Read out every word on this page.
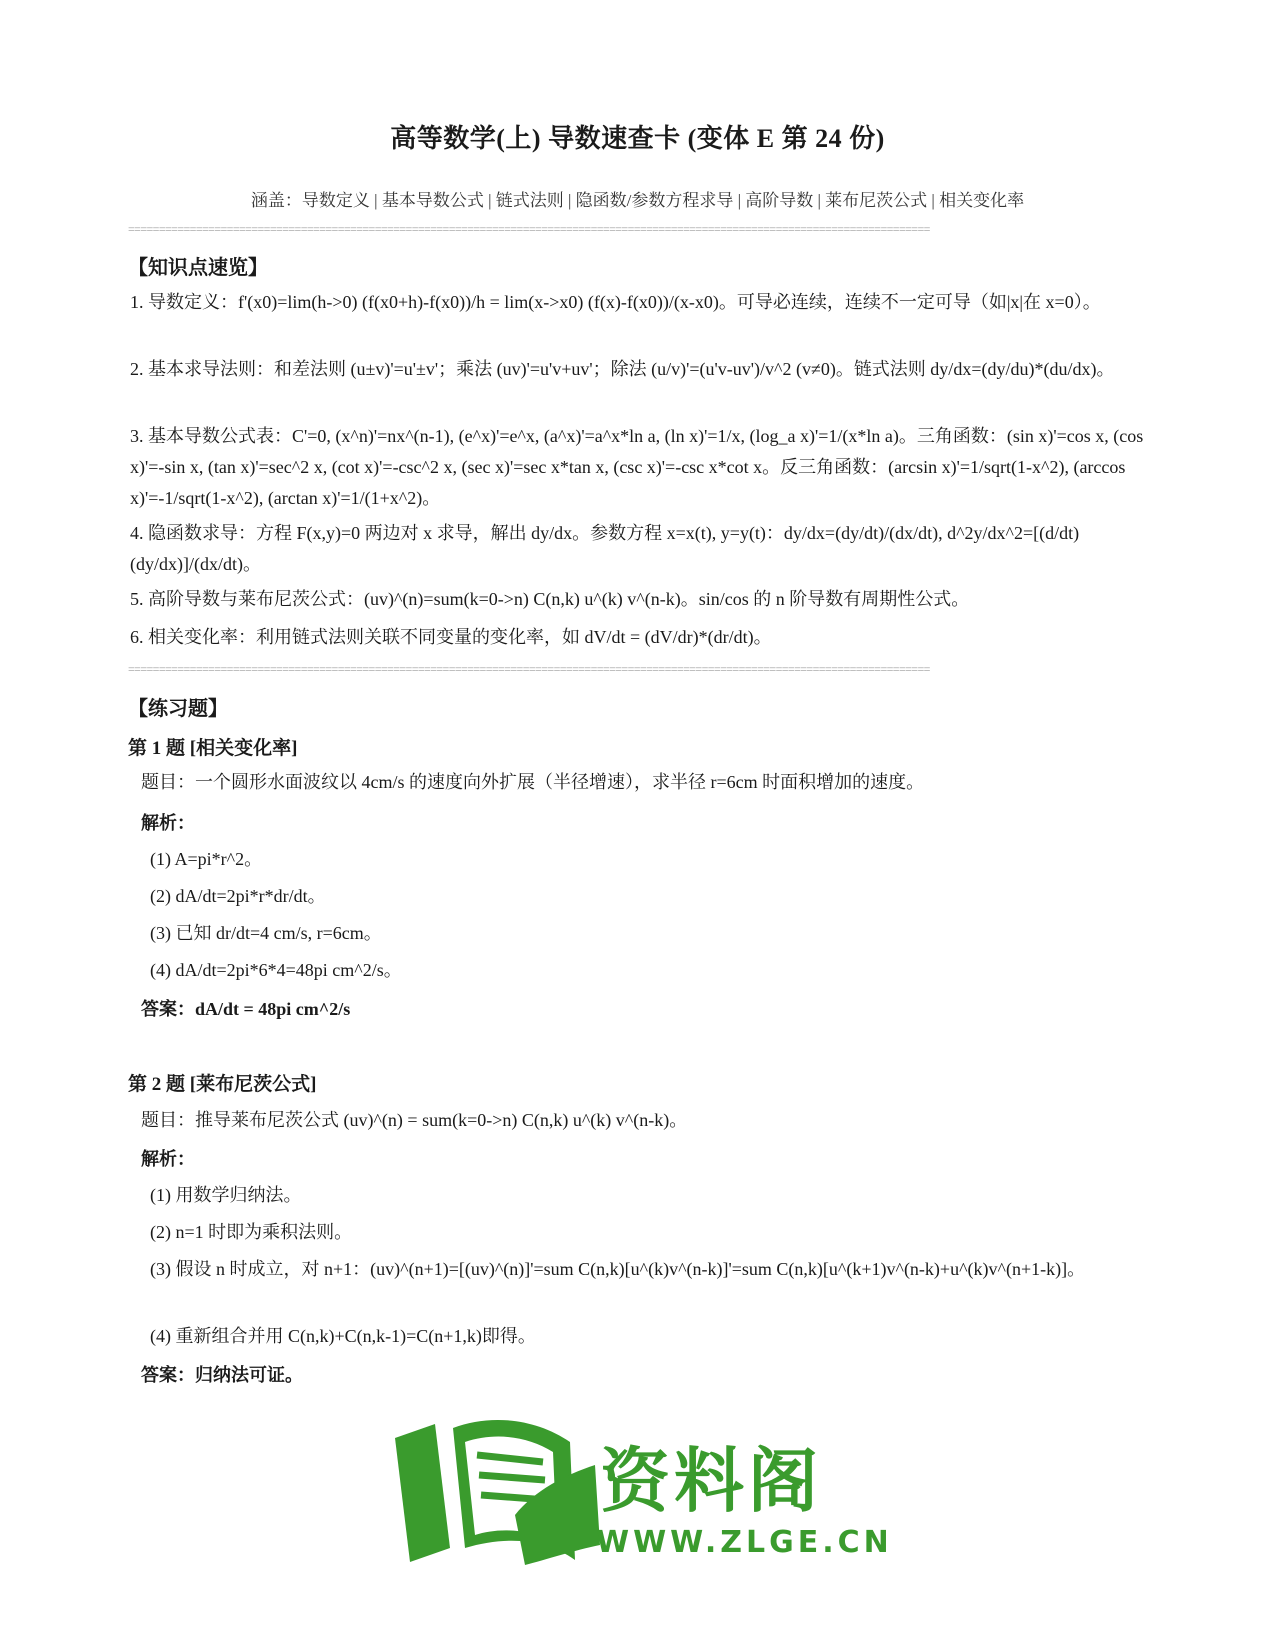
高等数学(上) 导数速查卡 (变体 E 第 24 份)
涵盖：导数定义 | 基本导数公式 | 链式法则 | 隐函数/参数方程求导 | 高阶导数 | 莱布尼茨公式 | 相关变化率
==================================================================================================================================
【知识点速览】
1. 导数定义：f'(x0)=lim(h->0) (f(x0+h)-f(x0))/h = lim(x->x0) (f(x)-f(x0))/(x-x0)。可导必连续，连续不一定可导（如|x|在 x=0）。
2. 基本求导法则：和差法则 (u±v)'=u'±v'；乘法 (uv)'=u'v+uv'；除法 (u/v)'=(u'v-uv')/v^2 (v≠0)。链式法则 dy/dx=(dy/du)*(du/dx)。
3. 基本导数公式表：C'=0, (x^n)'=nx^(n-1), (e^x)'=e^x, (a^x)'=a^x*ln a, (ln x)'=1/x, (log_a x)'=1/(x*ln a)。三角函数：(sin x)'=cos x, (cos x)'=-sin x, (tan x)'=sec^2 x, (cot x)'=-csc^2 x, (sec x)'=sec x*tan x, (csc x)'=-csc x*cot x。反三角函数：(arcsin x)'=1/sqrt(1-x^2), (arccos x)'=-1/sqrt(1-x^2), (arctan x)'=1/(1+x^2)。
4. 隐函数求导：方程 F(x,y)=0 两边对 x 求导，解出 dy/dx。参数方程 x=x(t), y=y(t)：dy/dx=(dy/dt)/(dx/dt), d^2y/dx^2=[(d/dt)(dy/dx)]/(dx/dt)。
5. 高阶导数与莱布尼茨公式：(uv)^(n)=sum(k=0->n) C(n,k) u^(k) v^(n-k)。sin/cos 的 n 阶导数有周期性公式。
6. 相关变化率：利用链式法则关联不同变量的变化率，如 dV/dt = (dV/dr)*(dr/dt)。
==================================================================================================================================
【练习题】
第 1 题 [相关变化率]
题目：一个圆形水面波纹以 4cm/s 的速度向外扩展（半径增速），求半径 r=6cm 时面积增加的速度。
解析：
(1) A=pi*r^2。
(2) dA/dt=2pi*r*dr/dt。
(3) 已知 dr/dt=4 cm/s, r=6cm。
(4) dA/dt=2pi*6*4=48pi cm^2/s。
答案：dA/dt = 48pi cm^2/s
第 2 题 [莱布尼茨公式]
题目：推导莱布尼茨公式 (uv)^(n) = sum(k=0->n) C(n,k) u^(k) v^(n-k)。
解析：
(1) 用数学归纳法。
(2) n=1 时即为乘积法则。
(3) 假设 n 时成立，对 n+1：(uv)^(n+1)=[(uv)^(n)]'=sum C(n,k)[u^(k)v^(n-k)]'=sum C(n,k)[u^(k+1)v^(n-k)+u^(k)v^(n+1-k)]。
(4) 重新组合并用 C(n,k)+C(n,k-1)=C(n+1,k)即得。
答案：归纳法可证。
资料阁
WWW.ZLGE.CN
